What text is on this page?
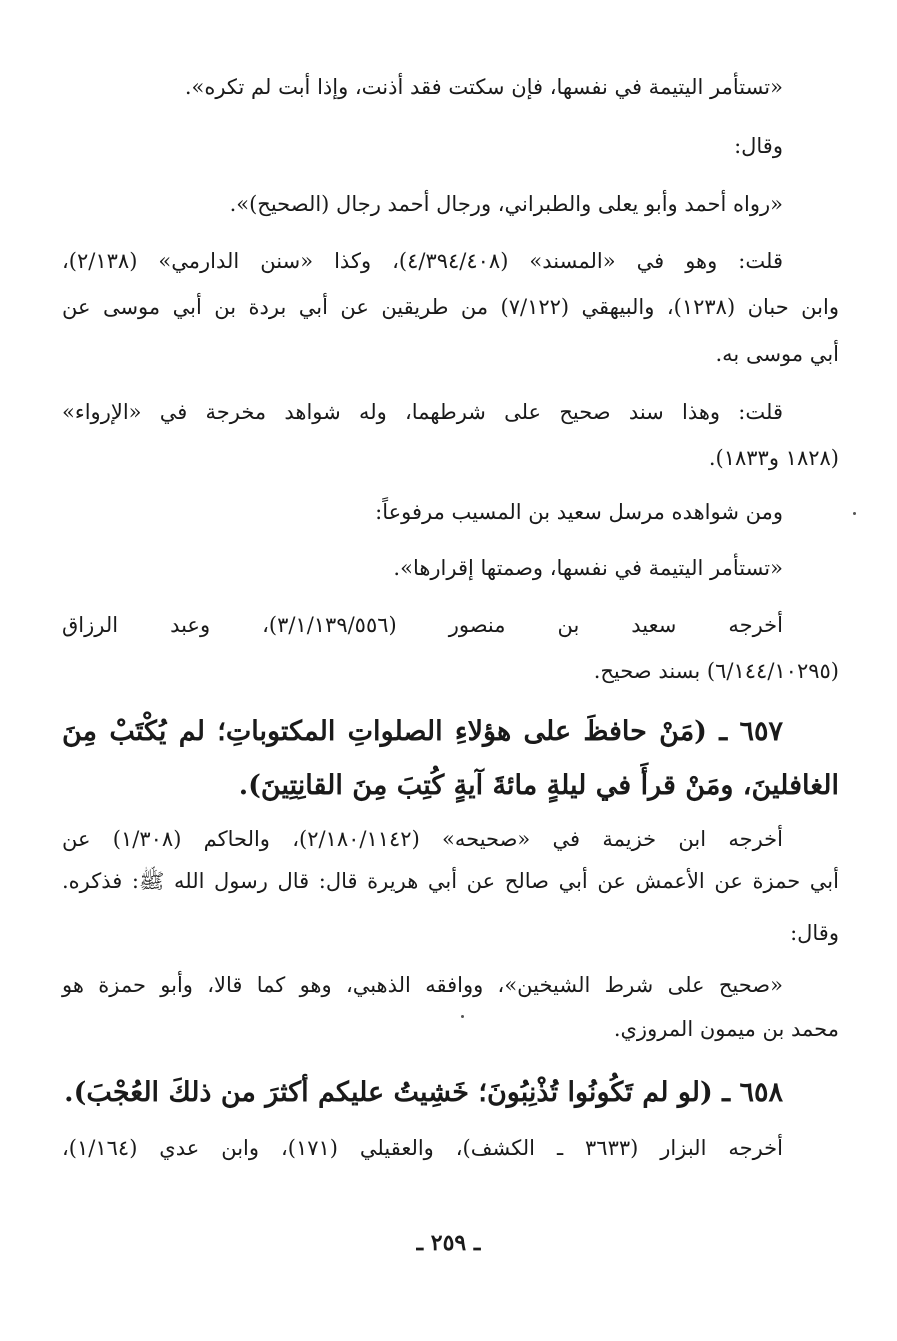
«تستأمر اليتيمة في نفسها، فإن سكتت فقد أذنت، وإذا أبت لم تكره».
وقال:
«رواه أحمد وأبو يعلى والطبراني، ورجال أحمد رجال (الصحيح)».
قلت: وهو في «المسند» (٤/٣٩٤/٤٠٨)، وكذا «سنن الدارمي» (٢/١٣٨)،
وابن حبان (١٢٣٨)، والبيهقي (٧/١٢٢) من طريقين عن أبي بردة بن أبي موسى عن
أبي موسى به.
قلت: وهذا سند صحيح على شرطهما، وله شواهد مخرجة في «الإرواء»
(١٨٢٨ و١٨٣٣).
ومن شواهده مرسل سعيد بن المسيب مرفوعاً:
«تستأمر اليتيمة في نفسها، وصمتها إقرارها».
أخرجه سعيد بن منصور (٣/١/١٣٩/٥٥٦)، وعبد الرزاق
(٦/١٤٤/١٠٢٩٥) بسند صحيح.
٦٥٧ ـ (مَنْ حافظَ على هؤلاءِ الصلواتِ المكتوباتِ؛ لم يُكْتَبْ مِنَ
الغافلينَ، ومَنْ قرأَ في ليلةٍ مائةَ آيةٍ كُتِبَ مِنَ القانِتِينَ).
أخرجه ابن خزيمة في «صحيحه» (٢/١٨٠/١١٤٢)، والحاكم (١/٣٠٨) عن
أبي حمزة عن الأعمش عن أبي صالح عن أبي هريرة قال: قال رسول الله ﷺ: فذكره.
وقال:
«صحيح على شرط الشيخين»، ووافقه الذهبي، وهو كما قالا، وأبو حمزة هو
محمد بن ميمون المروزي.
٦٥٨ ـ (لو لم تَكُونُوا تُذْنِبُونَ؛ خَشِيتُ عليكم أكثرَ من ذلكَ العُجْبَ).
أخرجه البزار (٣٦٣٣ ـ الكشف)، والعقيلي (١٧١)، وابن عدي (١/١٦٤)،
ـ ٢٥٩ ـ
